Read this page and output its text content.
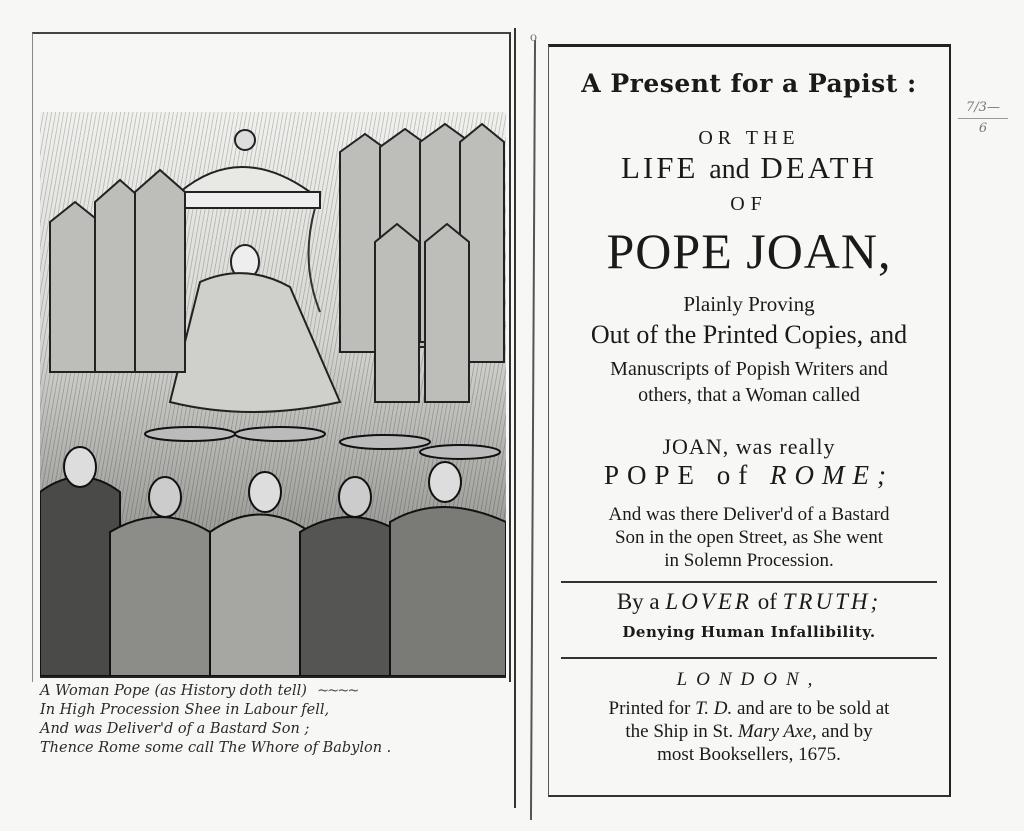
A Woman Pope (as History doth tell) ~~~~
In High Procession Shee in Labour fell,
And was Deliver'd of a Bastard Son ;
Thence Rome some call The Whore of Babylon .
o
A Present for a Papist :
OR THE
LIFE and DEATH
OF
POPE JOAN,
Plainly Proving
Out of the Printed Copies, and
Manuscripts of Popish Writers and
others, that a Woman called
JOAN, was really
POPE of ROME;
And was there Deliver'd of a Bastard
Son in the open Street, as She went
in Solemn Procession.
By a LOVER of TRUTH;
Denying Human Infallibility.
LONDON,
Printed for T. D. and are to be sold at
the Ship in St. Mary Axe, and by
most Booksellers, 1675.
7/3—
6
